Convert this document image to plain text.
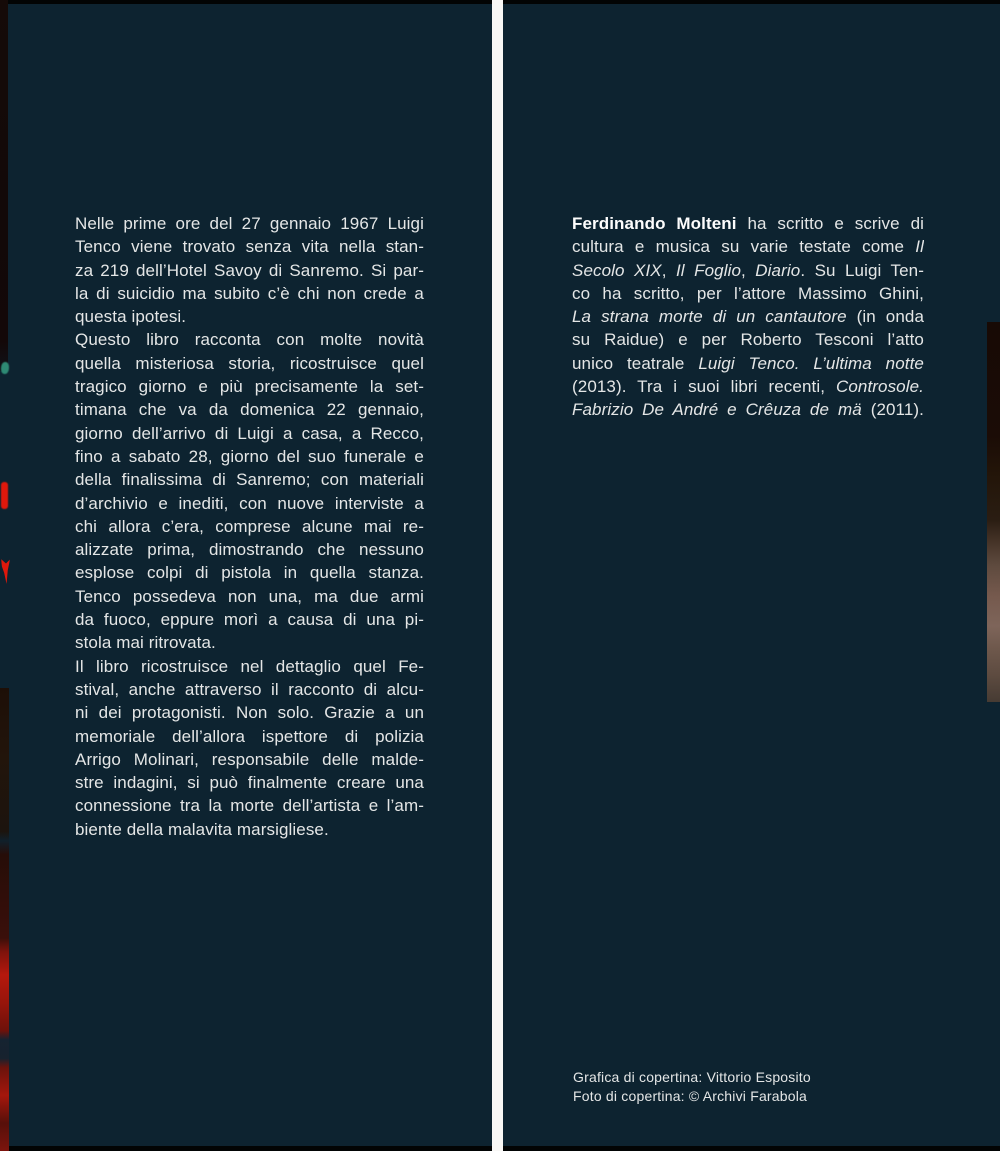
Nelle prime ore del 27 gennaio 1967 Luigi
Tenco viene trovato senza vita nella stan-
za 219 dell’Hotel Savoy di Sanremo. Si par-
la di suicidio ma subito c’è chi non crede a
questa ipotesi.
Questo libro racconta con molte novità
quella misteriosa storia, ricostruisce quel
tragico giorno e più precisamente la set-
timana che va da domenica 22 gennaio,
giorno dell’arrivo di Luigi a casa, a Recco,
fino a sabato 28, giorno del suo funerale e
della finalissima di Sanremo; con materiali
d’archivio e inediti, con nuove interviste a
chi allora c’era, comprese alcune mai re-
alizzate prima, dimostrando che nessuno
esplose colpi di pistola in quella stanza.
Tenco possedeva non una, ma due armi
da fuoco, eppure morì a causa di una pi-
stola mai ritrovata.
Il libro ricostruisce nel dettaglio quel Fe-
stival, anche attraverso il racconto di alcu-
ni dei protagonisti. Non solo. Grazie a un
memoriale dell’allora ispettore di polizia
Arrigo Molinari, responsabile delle malde-
stre indagini, si può finalmente creare una
connessione tra la morte dell’artista e l’am-
biente della malavita marsigliese.
Ferdinando Molteni ha scritto e scrive di
cultura e musica su varie testate come Il
Secolo XIX, Il Foglio, Diario. Su Luigi Ten-
co ha scritto, per l’attore Massimo Ghini,
La strana morte di un cantautore (in onda
su Raidue) e per Roberto Tesconi l’atto
unico teatrale Luigi Tenco. L’ultima notte
(2013). Tra i suoi libri recenti, Controsole.
Fabrizio De André e Crêuza de mä (2011).
Grafica di copertina: Vittorio Esposito
Foto di copertina: © Archivi Farabola
